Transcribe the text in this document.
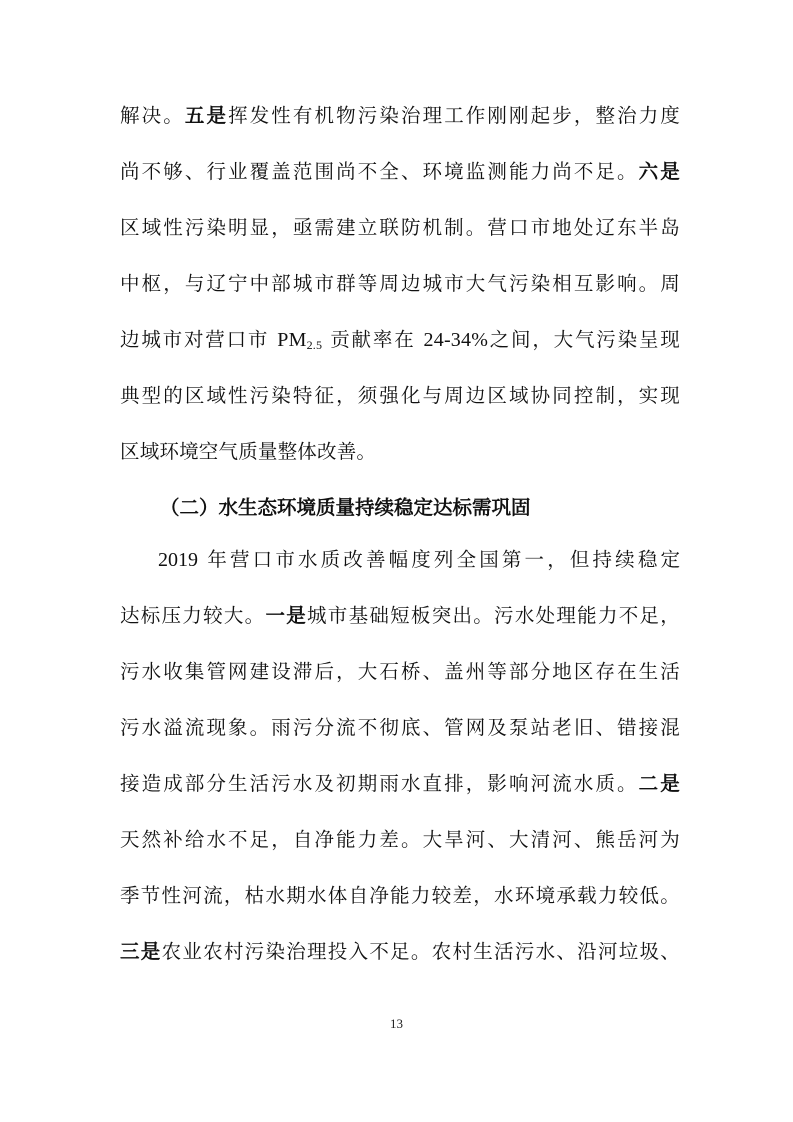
解决。五是挥发性有机物污染治理工作刚刚起步，整治力度
尚不够、行业覆盖范围尚不全、环境监测能力尚不足。六是
区域性污染明显，亟需建立联防机制。营口市地处辽东半岛
中枢，与辽宁中部城市群等周边城市大气污染相互影响。周
边城市对营口市 $PM_{2.5}$ 贡献率在 24-34%之间，大气污染呈现
典型的区域性污染特征，须强化与周边区域协同控制，实现
区域环境空气质量整体改善。
（二）水生态环境质量持续稳定达标需巩固
2019 年营口市水质改善幅度列全国第一，但持续稳定
达标压力较大。一是城市基础短板突出。污水处理能力不足，
污水收集管网建设滞后，大石桥、盖州等部分地区存在生活
污水溢流现象。雨污分流不彻底、管网及泵站老旧、错接混
接造成部分生活污水及初期雨水直排，影响河流水质。二是
天然补给水不足，自净能力差。大旱河、大清河、熊岳河为
季节性河流，枯水期水体自净能力较差，水环境承载力较低。
三是农业农村污染治理投入不足。农村生活污水、沿河垃圾、
13
